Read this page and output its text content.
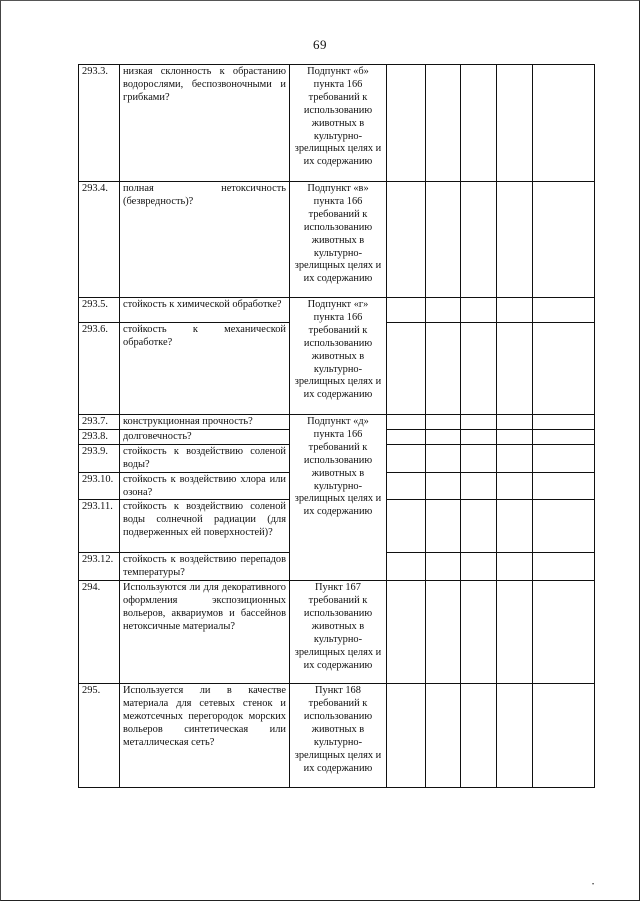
69
293.3.	низкая склонность к обрастанию водорослями, беспозвоночными и грибками?	Подпункт «б» пункта 166 требований к использованию животных в культурно-зрелищных целях и их содержанию					
293.4.	полная нетоксичность (безвредность)?	Подпункт «в» пункта 166 требований к использованию животных в культурно-зрелищных целях и их содержанию					
293.5.	стойкость к химической обработке?	Подпункт «г» пункта 166 требований к использованию животных в культурно-зрелищных целях и их содержанию					
293.6.	стойкость к механической обработке?						
293.7.	конструкционная прочность?	Подпункт «д» пункта 166 требований к использованию животных в культурно-зрелищных целях и их содержанию					
293.8.	долговечность?						
293.9.	стойкость к воздействию соленой воды?						
293.10.	стойкость к воздействию хлора или озона?						
293.11.	стойкость к воздействию соленой воды солнечной радиации (для подверженных ей поверхностей)?						
293.12.	стойкость к воздействию перепадов температуры?						
294.	Используются ли для декоративного оформления экспозиционных вольеров, аквариумов и бассейнов нетоксичные материалы?	Пункт 167 требований к использованию животных в культурно-зрелищных целях и их содержанию					
295.	Используется ли в качестве материала для сетевых стенок и межотсечных перегородок морских вольеров синтетическая или металлическая сеть?	Пункт 168 требований к использованию животных в культурно-зрелищных целях и их содержанию					
•
